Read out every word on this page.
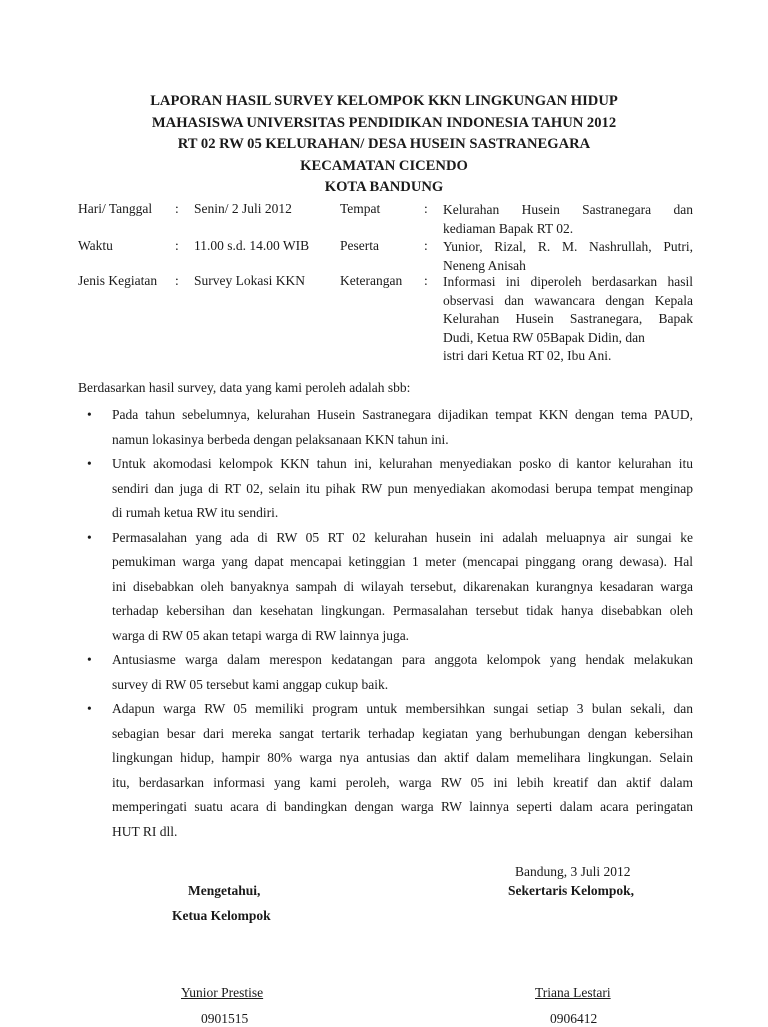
LAPORAN HASIL SURVEY KELOMPOK KKN LINGKUNGAN HIDUP
MAHASISWA UNIVERSITAS PENDIDIKAN INDONESIA TAHUN 2012
RT 02 RW 05 KELURAHAN/ DESA HUSEIN SASTRANEGARA
KECAMATAN CICENDO
KOTA BANDUNG
Hari/ Tanggal : Senin/ 2 Juli 2012	Tempat	: Kelurahan Husein Sastranegara dan
kediaman Bapak RT 02.
Waktu	: 11.00 s.d. 14.00 WIB Peserta	: Yunior, Rizal, R. M. Nashrullah, Putri,
Neneng Anisah
Jenis Kegiatan : Survey Lokasi KKN	Keterangan : Informasi ini diperoleh berdasarkan hasil
observasi dan wawancara dengan Kepala
Kelurahan Husein Sastranegara, Bapak
Dudi, Ketua RW 05Bapak Didin, dan
istri dari Ketua RT 02, Ibu Ani.
Berdasarkan hasil survey, data yang kami peroleh adalah sbb:
• Pada tahun sebelumnya, kelurahan Husein Sastranegara dijadikan tempat KKN dengan tema PAUD,
namun lokasinya berbeda dengan pelaksanaan KKN tahun ini.
• Untuk akomodasi kelompok KKN tahun ini, kelurahan menyediakan posko di kantor kelurahan itu
sendiri dan juga di RT 02, selain itu pihak RW pun menyediakan akomodasi berupa tempat menginap
di rumah ketua RW itu sendiri.
• Permasalahan yang ada di RW 05 RT 02 kelurahan husein ini adalah meluapnya air sungai ke
pemukiman warga yang dapat mencapai ketinggian 1 meter (mencapai pinggang orang dewasa). Hal
ini disebabkan oleh banyaknya sampah di wilayah tersebut, dikarenakan kurangnya kesadaran warga
terhadap kebersihan dan kesehatan lingkungan. Permasalahan tersebut tidak hanya disebabkan oleh
warga di RW 05 akan tetapi warga di RW lainnya juga.
• Antusiasme warga dalam merespon kedatangan para anggota kelompok yang hendak melakukan
survey di RW 05 tersebut kami anggap cukup baik.
• Adapun warga RW 05 memiliki program untuk membersihkan sungai setiap 3 bulan sekali, dan
sebagian besar dari mereka sangat tertarik terhadap kegiatan yang berhubungan dengan kebersihan
lingkungan hidup, hampir 80% warga nya antusias dan aktif dalam memelihara lingkungan. Selain
itu, berdasarkan informasi yang kami peroleh, warga RW 05 ini lebih kreatif dan aktif dalam
memperingati suatu acara di bandingkan dengan warga RW lainnya seperti dalam acara peringatan
HUT RI dll.
Bandung, 3 Juli 2012
Mengetahui,	Sekertaris Kelompok,
Ketua Kelompok
Yunior Prestise	Triana Lestari
0901515	0906412
